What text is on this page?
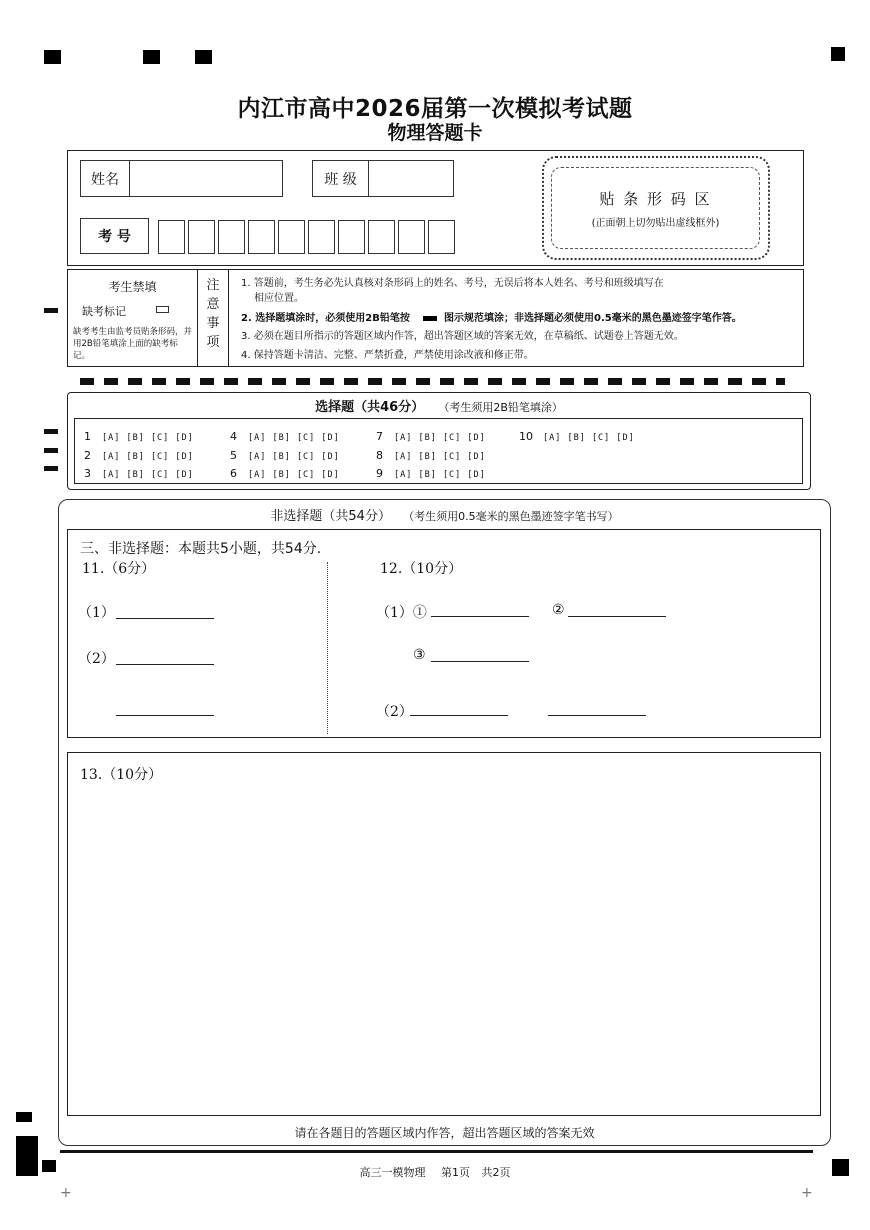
内江市高中2026届第一次模拟考试题
物理答题卡
姓名	班 级
考 号
贴 条 形 码 区
(正面朝上切勿贴出虚线框外)
考生禁填
缺考标记
缺考考生由监考员贴条形码，并用2B铅笔填涂上面的缺考标记。
注
意
事
项
1. 答题前，考生务必先认真核对条形码上的姓名、考号，无误后将本人姓名、考号和班级填写在
相应位置。
2. 选择题填涂时，必须使用2B铅笔按	图示规范填涂；非选择题必须使用0.5毫米的黑色墨迹签字笔作答。
3. 必须在题目所指示的答题区域内作答，超出答题区域的答案无效，在草稿纸、试题卷上答题无效。
4. 保持答题卡清洁、完整、严禁折叠，严禁使用涂改液和修正带。
选择题（共46分） （考生须用2B铅笔填涂）
1 [A] [B] [C] [D]
2 [A] [B] [C] [D]
3 [A] [B] [C] [D]
4 [A] [B] [C] [D]
5 [A] [B] [C] [D]
6 [A] [B] [C] [D]
7 [A] [B] [C] [D]
8 [A] [B] [C] [D]
9 [A] [B] [C] [D]
10 [A] [B] [C] [D]
非选择题（共54分） （考生须用0.5毫米的黑色墨迹签字笔书写）
三、非选择题：本题共5小题，共54分.
11.（6分）
（1）
（2）
12.（10分）
（1）①	②
③
（2）
13.（10分）
请在各题目的答题区域内作答，超出答题区域的答案无效
高三一模物理 第1页 共2页
+	+
